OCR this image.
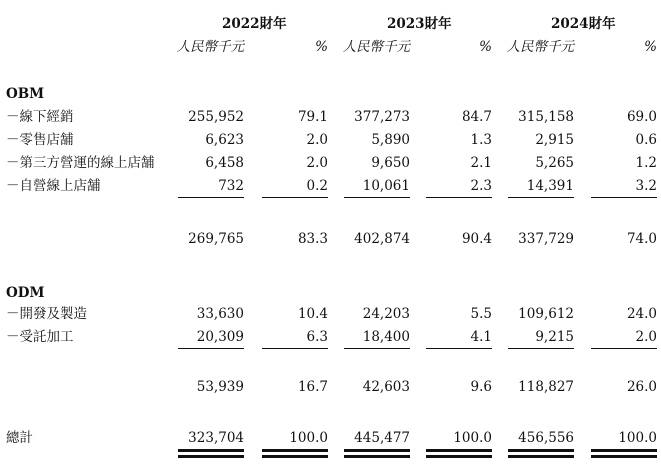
2022財年	2023財年	2024財年
人民幣千元	% 人民幣千元	% 人民幣千元	%
OBM
－線下經銷	255,952	79.1 377,273	84.7 315,158	69.0
－零售店舗	6,623	2.0	5,890	1.3	2,915	0.6
－第三方營運的線上店舗	6,458	2.0	9,650	2.1	5,265	1.2
－自營線上店舗	732	0.2	10,061	2.3	14,391	3.2
269,765	83.3 402,874	90.4 337,729	74.0
ODM
－開發及製造	33,630	10.4	24,203	5.5 109,612	24.0
－受託加工	20,309	6.3	18,400	4.1	9,215	2.0
53,939	16.7	42,603	9.6 118,827	26.0
總計	323,704	100.0 445,477	100.0 456,556	100.0
